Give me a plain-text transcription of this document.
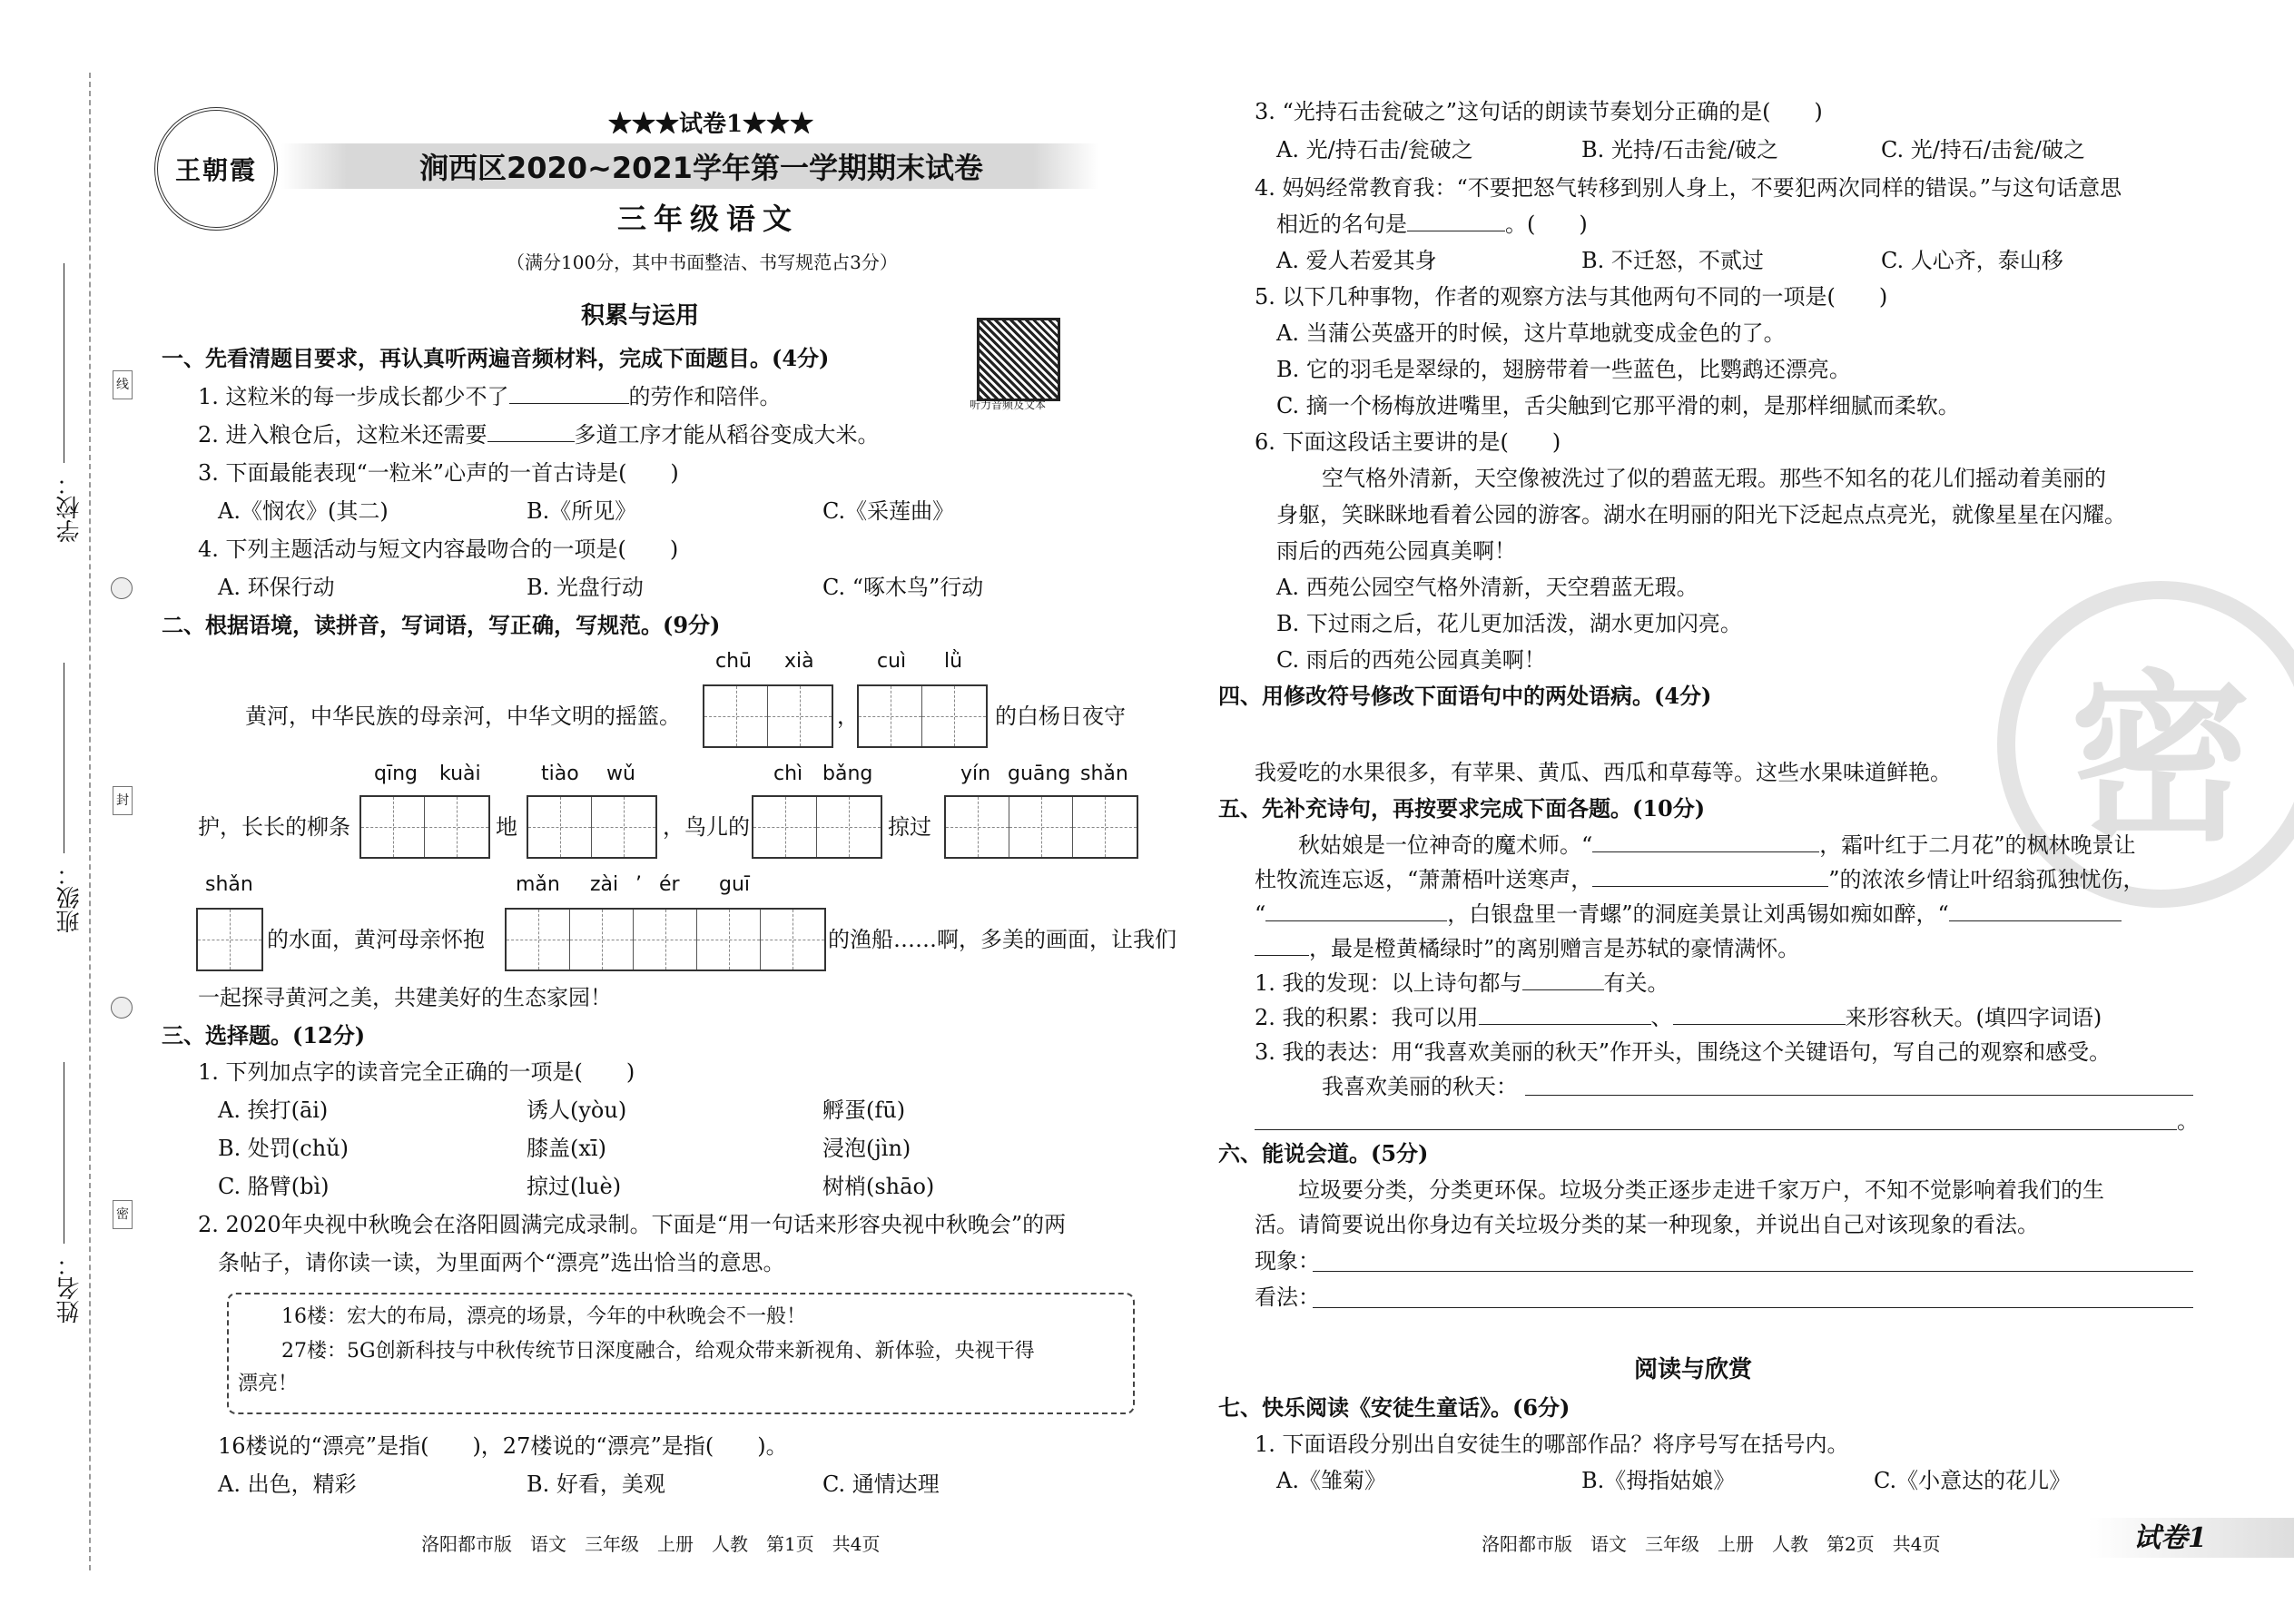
学校：
班级：
姓名：
线
封
密
王朝霞
★★★试卷1★★★
涧西区2020~2021学年第一学期期末试卷
三年级语文
（满分100分，其中书面整洁、书写规范占3分）
听力音频及文本
积累与运用
一、先看清题目要求，再认真听两遍音频材料，完成下面题目。(4分)
1. 这粒米的每一步成长都少不了	的劳作和陪伴。
2. 进入粮仓后，这粒米还需要	多道工序才能从稻谷变成大米。
3. 下面最能表现“一粒米”心声的一首古诗是(　　)
A.《悯农》(其二)	B.《所见》	C.《采莲曲》
4. 下列主题活动与短文内容最吻合的一项是(　　)
A. 环保行动	B. 光盘行动	C. “啄木鸟”行动
二、根据语境，读拼音，写词语，写正确，写规范。(9分)
chū xià	cuì lǜ
黄河，中华民族的母亲河，中华文明的摇篮。	，	的白杨日夜守
qīng kuài	tiào wǔ	chì bǎng	yín guāng shǎn
护，长长的柳条	地	，鸟儿的	掠过
shǎn	mǎn zài ’ ér guī
的水面，黄河母亲怀抱	的渔船……啊，多美的画面，让我们
一起探寻黄河之美，共建美好的生态家园！
三、选择题。(12分)
1. 下列加点字的读音完全正确的一项是(　　)
A. 挨打(āi)	诱人(yòu)	孵蛋(fū)
B. 处罚(chǔ)	膝盖(xī)	浸泡(jìn)
C. 胳臂(bì)	掠过(luè)	树梢(shāo)
2. 2020年央视中秋晚会在洛阳圆满完成录制。下面是“用一句话来形容央视中秋晚会”的两
条帖子，请你读一读，为里面两个“漂亮”选出恰当的意思。
16楼：宏大的布局，漂亮的场景，今年的中秋晚会不一般！
27楼：5G创新科技与中秋传统节日深度融合，给观众带来新视角、新体验，央视干得
漂亮！
16楼说的“漂亮”是指(　　)，27楼说的“漂亮”是指(　　)。
A. 出色，精彩	B. 好看，美观	C. 通情达理
洛阳都市版　语文　三年级　上册　人教　第1页　共4页
密
3. “光持石击瓮破之”这句话的朗读节奏划分正确的是(　　)
A. 光/持石击/瓮破之	B. 光持/石击瓮/破之	C. 光/持石/击瓮/破之
4. 妈妈经常教育我：“不要把怒气转移到别人身上，不要犯两次同样的错误。”与这句话意思
相近的名句是	。(　　)
A. 爱人若爱其身	B. 不迁怒，不贰过	C. 人心齐，泰山移
5. 以下几种事物，作者的观察方法与其他两句不同的一项是(　　)
A. 当蒲公英盛开的时候，这片草地就变成金色的了。
B. 它的羽毛是翠绿的，翅膀带着一些蓝色，比鹦鹉还漂亮。
C. 摘一个杨梅放进嘴里，舌尖触到它那平滑的刺，是那样细腻而柔软。
6. 下面这段话主要讲的是(　　)
空气格外清新，天空像被洗过了似的碧蓝无瑕。那些不知名的花儿们摇动着美丽的
身躯，笑眯眯地看着公园的游客。湖水在明丽的阳光下泛起点点亮光，就像星星在闪耀。
雨后的西苑公园真美啊！
A. 西苑公园空气格外清新，天空碧蓝无瑕。
B. 下过雨之后，花儿更加活泼，湖水更加闪亮。
C. 雨后的西苑公园真美啊！
四、用修改符号修改下面语句中的两处语病。(4分)
我爱吃的水果很多，有苹果、黄瓜、西瓜和草莓等。这些水果味道鲜艳。
五、先补充诗句，再按要求完成下面各题。(10分)
秋姑娘是一位神奇的魔术师。“	，霜叶红于二月花”的枫林晚景让
杜牧流连忘返，“萧萧梧叶送寒声，	”的浓浓乡情让叶绍翁孤独忧伤，
“	，白银盘里一青螺”的洞庭美景让刘禹锡如痴如醉，“
，最是橙黄橘绿时”的离别赠言是苏轼的豪情满怀。
1. 我的发现：以上诗句都与	有关。
2. 我的积累：我可以用	、	来形容秋天。(填四字词语)
3. 我的表达：用“我喜欢美丽的秋天”作开头，围绕这个关键语句，写自己的观察和感受。
我喜欢美丽的秋天：
。
六、能说会道。(5分)
垃圾要分类，分类更环保。垃圾分类正逐步走进千家万户，不知不觉影响着我们的生
活。请简要说出你身边有关垃圾分类的某一种现象，并说出自己对该现象的看法。
现象：
看法：
阅读与欣赏
七、快乐阅读《安徒生童话》。(6分)
1. 下面语段分别出自安徒生的哪部作品？将序号写在括号内。
A.《雏菊》	B.《拇指姑娘》	C.《小意达的花儿》
洛阳都市版　语文　三年级　上册　人教　第2页　共4页	试卷1
